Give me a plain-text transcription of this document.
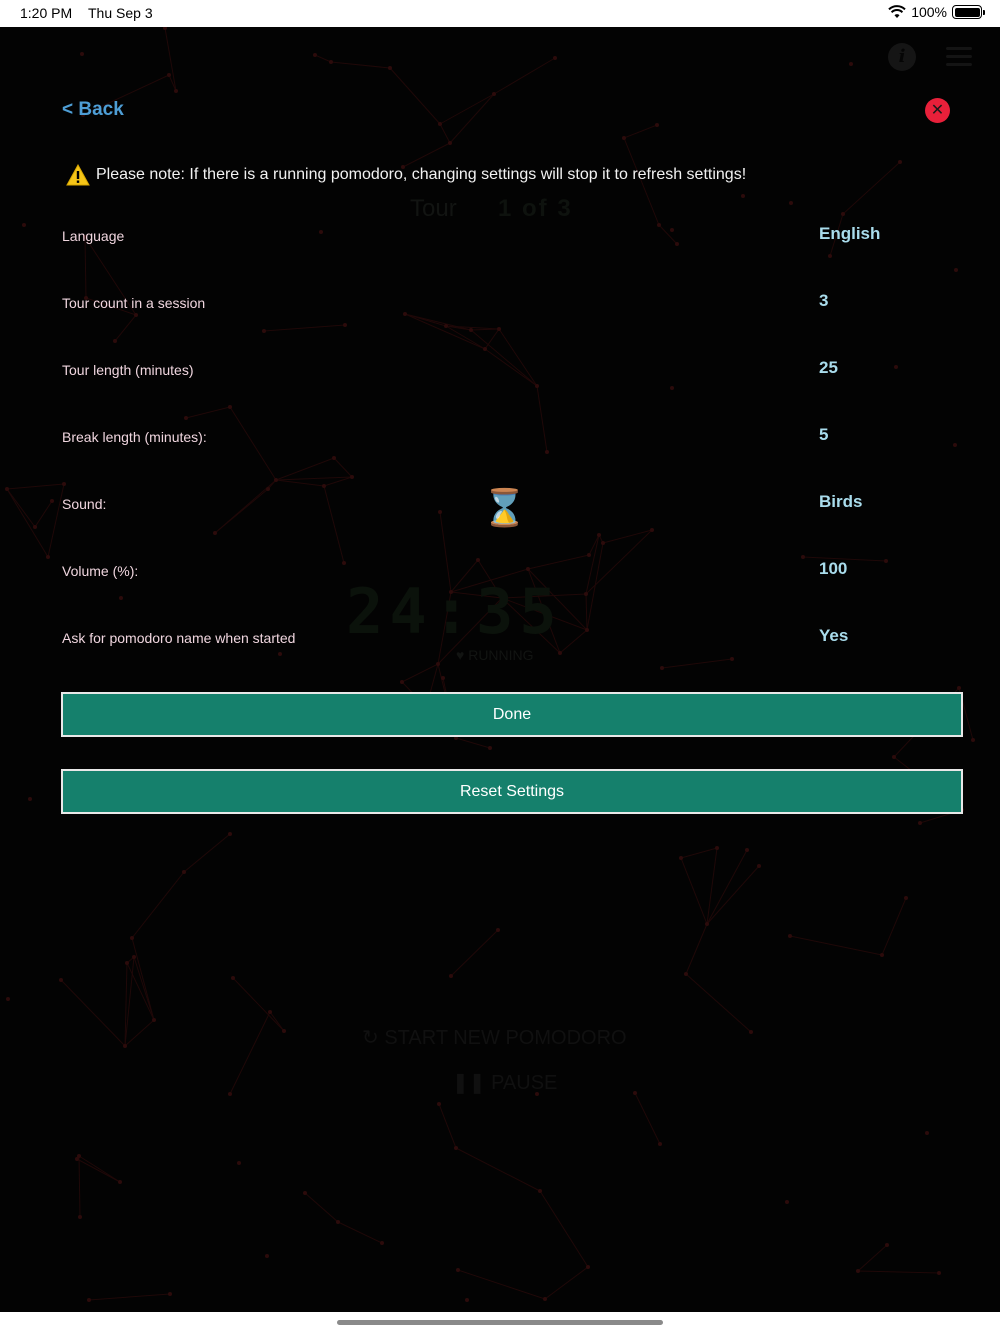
1:20 PM Thu Sep 3	100%
i
Tour 1 of 3
⌛
24:35
♥ RUNNING
↻ START NEW POMODORO
❚❚ PAUSE
< Back	✕
Please note: If there is a running pomodoro, changing settings will stop it to refresh settings!
Language	English
Tour count in a session	3
Tour length (minutes)	25
Break length (minutes):	5
Sound:	Birds
Volume (%):	100
Ask for pomodoro name when started	Yes
Done
Reset Settings
